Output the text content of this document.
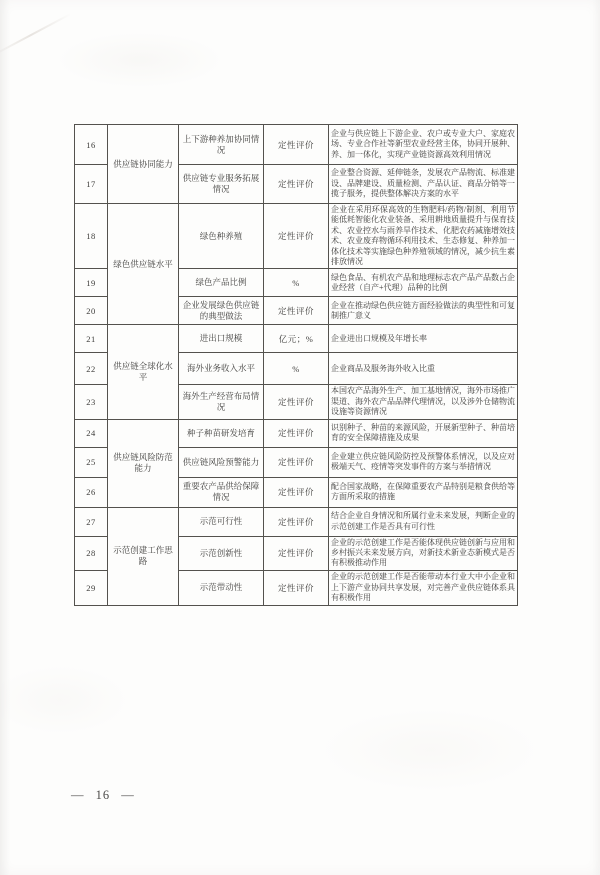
16	供应链协同能力	上下游种养加协同情况	定性评价	企业与供应链上下游企业、农户或专业大户、家庭农场、专业合作社等新型农业经营主体，协同开展种、养、加一体化，实现产业链资源高效利用情况
17		供应链专业服务拓展情况	定性评价	企业整合资源、延伸链条，发展农产品物流、标准建设、品牌建设、质量检测、产品认证、商品分销等一揽子服务，提供整体解决方案的水平
18	绿色供应链水平	绿色种养殖	定性评价	企业在采用环保高效的生物肥料/药物/制剂、利用节能低耗智能化农业装备、采用耕地质量提升与保育技术、农业控水与雨养旱作技术、化肥农药减施增效技术、农业废弃物循环利用技术、生态修复、种养加一体化技术等实施绿色种养殖领域的情况，减少抗生素排放情况
19		绿色产品比例	%	绿色食品、有机农产品和地理标志农产品产品数占企业经营（自产+代理）品种的比例
20		企业发展绿色供应链的典型做法	定性评价	企业在推动绿色供应链方面经验做法的典型性和可复制推广意义
21	供应链全球化水平	进出口规模	亿元；%	企业进出口规模及年增长率
22		海外业务收入水平	%	企业商品及服务海外收入比重
23		海外生产经营布局情况	定性评价	本国农产品海外生产、加工基地情况，海外市场推广渠道、海外农产品品牌代理情况，以及涉外仓储物流设施等资源情况
24	供应链风险防范能力	种子种苗研发培育	定性评价	识别种子、种苗的来源风险，开展新型种子、种苗培育的安全保障措施及成果
25		供应链风险预警能力	定性评价	企业建立供应链风险防控及预警体系情况，以及应对极端天气、疫情等突发事件的方案与举措情况
26		重要农产品供给保障情况	定性评价	配合国家战略，在保障重要农产品特别是粮食供给等方面所采取的措施
27	示范创建工作思路	示范可行性	定性评价	结合企业自身情况和所属行业未来发展，判断企业的示范创建工作是否具有可行性
28		示范创新性	定性评价	企业的示范创建工作是否能体现供应链创新与应用和乡村振兴未来发展方向，对新技术新业态新模式是否有积极推动作用
29		示范带动性	定性评价	企业的示范创建工作是否能带动本行业大中小企业和上下游产业协同共享发展，对完善产业供应链体系具有积极作用
— 16 —
